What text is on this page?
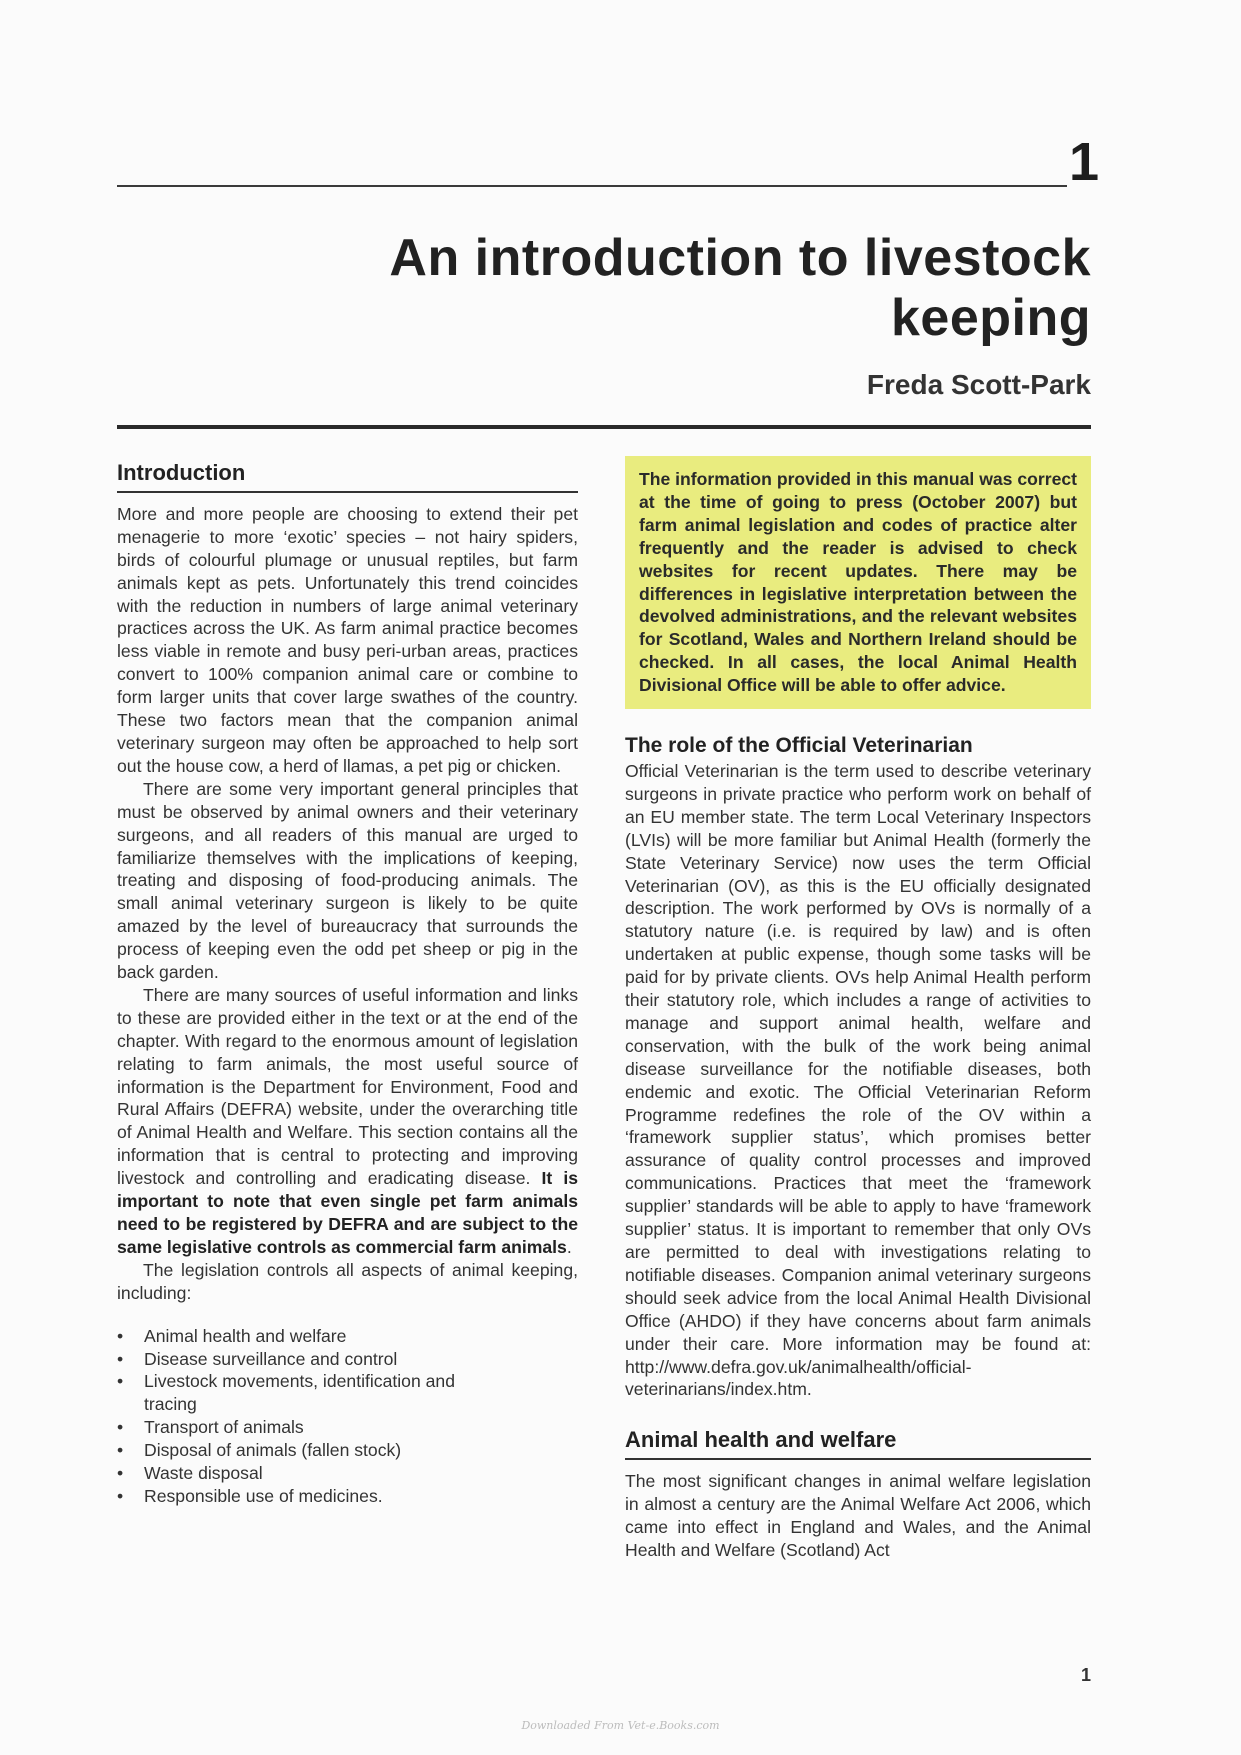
1
An introduction to livestock keeping
Freda Scott-Park
Introduction

More and more people are choosing to extend their pet menagerie to more ‘exotic’ species – not hairy spiders, birds of colourful plumage or unusual reptiles, but farm animals kept as pets. Unfortunately this trend coincides with the reduction in numbers of large animal veterinary practices across the UK. As farm animal practice becomes less viable in remote and busy peri-urban areas, practices convert to 100% companion animal care or combine to form larger units that cover large swathes of the country. These two factors mean that the companion animal veterinary surgeon may often be approached to help sort out the house cow, a herd of llamas, a pet pig or chicken.

There are some very important general principles that must be observed by animal owners and their veterinary surgeons, and all readers of this manual are urged to familiarize themselves with the implications of keeping, treating and disposing of food-producing animals. The small animal veterinary surgeon is likely to be quite amazed by the level of bureaucracy that surrounds the process of keeping even the odd pet sheep or pig in the back garden.

There are many sources of useful information and links to these are provided either in the text or at the end of the chapter. With regard to the enormous amount of legislation relating to farm animals, the most useful source of information is the Department for Environment, Food and Rural Affairs (DEFRA) website, under the overarching title of Animal Health and Welfare. This section contains all the information that is central to protecting and improving livestock and controlling and eradicating disease. It is important to note that even single pet farm animals need to be registered by DEFRA and are subject to the same legislative controls as commercial farm animals.

The legislation controls all aspects of animal keeping, including:

• Animal health and welfare
• Disease surveillance and control
• Livestock movements, identification and tracing
• Transport of animals
• Disposal of animals (fallen stock)
• Waste disposal
• Responsible use of medicines.

The information provided in this manual was correct at the time of going to press (October 2007) but farm animal legislation and codes of practice alter frequently and the reader is advised to check websites for recent updates. There may be differences in legislative interpretation between the devolved administrations, and the relevant websites for Scotland, Wales and Northern Ireland should be checked. In all cases, the local Animal Health Divisional Office will be able to offer advice.

The role of the Official Veterinarian

Official Veterinarian is the term used to describe veterinary surgeons in private practice who perform work on behalf of an EU member state. The term Local Veterinary Inspectors (LVIs) will be more familiar but Animal Health (formerly the State Veterinary Service) now uses the term Official Veterinarian (OV), as this is the EU officially designated description. The work performed by OVs is normally of a statutory nature (i.e. is required by law) and is often undertaken at public expense, though some tasks will be paid for by private clients. OVs help Animal Health perform their statutory role, which includes a range of activities to manage and support animal health, welfare and conservation, with the bulk of the work being animal disease surveillance for the notifiable diseases, both endemic and exotic. The Official Veterinarian Reform Programme redefines the role of the OV within a ‘framework supplier status’, which promises better assurance of quality control processes and improved communications. Practices that meet the ‘framework supplier’ standards will be able to apply to have ‘framework supplier’ status. It is important to remember that only OVs are permitted to deal with investigations relating to notifiable diseases. Companion animal veterinary surgeons should seek advice from the local Animal Health Divisional Office (AHDO) if they have concerns about farm animals under their care. More information may be found at: http://www.defra.gov.uk/animalhealth/official-veterinarians/index.htm.

Animal health and welfare

The most significant changes in animal welfare legislation in almost a century are the Animal Welfare Act 2006, which came into effect in England and Wales, and the Animal Health and Welfare (Scotland) Act

1
Downloaded From Vet-e.Books.com
